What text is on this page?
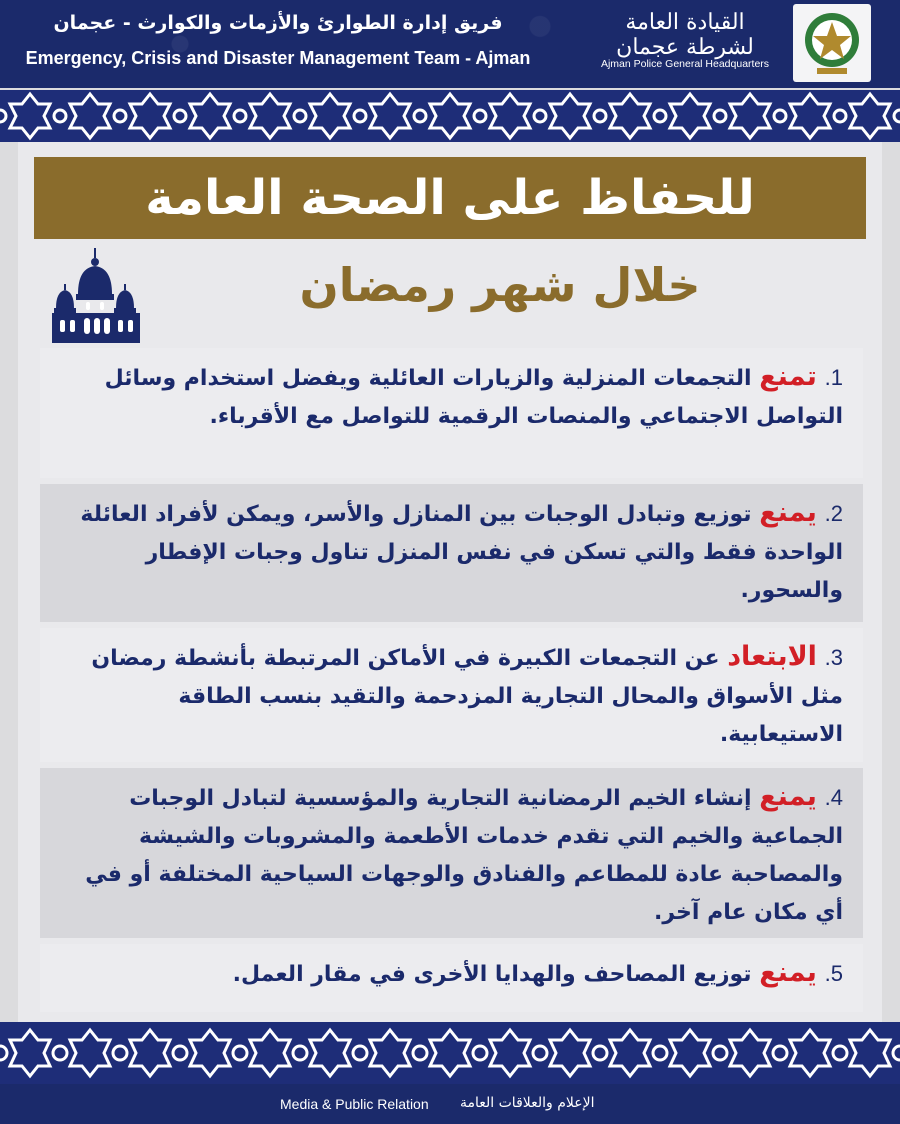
فريق إدارة الطوارئ والأزمات والكوارث - عجمان
Emergency, Crisis and Disaster Management Team - Ajman
القيادة العامة لشرطة عجمان
Ajman Police General Headquarters
للحفاظ على الصحة العامة
خلال شهر رمضان
1. تمنع التجمعات المنزلية والزيارات العائلية ويفضل استخدام وسائل التواصل الاجتماعي والمنصات الرقمية للتواصل مع الأقرباء.
2. يمنع توزيع وتبادل الوجبات بين المنازل والأسر، ويمكن لأفراد العائلة الواحدة فقط والتي تسكن في نفس المنزل تناول وجبات الإفطار والسحور.
3. الابتعاد عن التجمعات الكبيرة في الأماكن المرتبطة بأنشطة رمضان مثل الأسواق والمحال التجارية المزدحمة والتقيد بنسب الطاقة الاستيعابية.
4. يمنع إنشاء الخيم الرمضانية التجارية والمؤسسية لتبادل الوجبات الجماعية والخيم التي تقدم خدمات الأطعمة والمشروبات والشيشة والمصاحبة عادة للمطاعم والفنادق والوجهات السياحية المختلفة أو في أي مكان عام آخر.
5. يمنع توزيع المصاحف والهدايا الأخرى في مقار العمل.
Media & Public Relation الإعلام والعلاقات العامة
